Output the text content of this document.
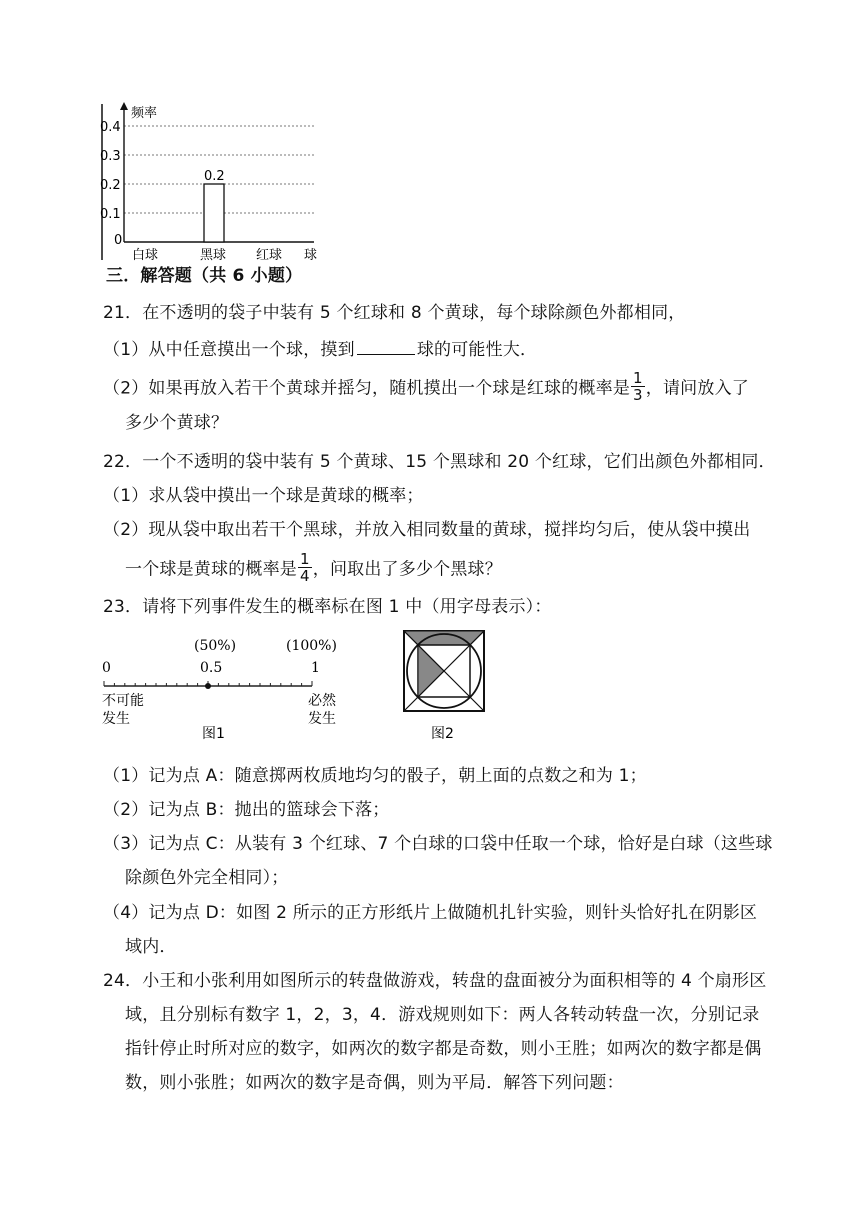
频率
0
0.1
0.2
0.3
0.4
白球
0.2
黑球 红球 球
三．解答题（共 6 小题）
21．在不透明的袋子中装有 5 个红球和 8 个黄球，每个球除颜色外都相同，
（1）从中任意摸出一个球，摸到	球的可能性大．
（2）如果再放入若干个黄球并摇匀，随机摸出一个球是红球的概率是 $\frac{1}{3}$ ，请问放入了
多少个黄球？
22．一个不透明的袋中装有 5 个黄球、15 个黑球和 20 个红球，它们出颜色外都相同．
（1）求从袋中摸出一个球是黄球的概率；
（2）现从袋中取出若干个黑球，并放入相同数量的黄球，搅拌均匀后，使从袋中摸出
一个球是黄球的概率是 $\frac{1}{4}$ ，问取出了多少个黑球？
23．请将下列事件发生的概率标在图 1 中（用字母表示）：
(50%)	(100%)
0	0.5	1
不可能
发生
必然
发生
图1	图2
（1）记为点 A：随意掷两枚质地均匀的骰子，朝上面的点数之和为 1；
（2）记为点 B：抛出的篮球会下落；
（3）记为点 C：从装有 3 个红球、7 个白球的口袋中任取一个球，恰好是白球（这些球
除颜色外完全相同）；
（4）记为点 D：如图 2 所示的正方形纸片上做随机扎针实验，则针头恰好扎在阴影区
域内．
24．小王和小张利用如图所示的转盘做游戏，转盘的盘面被分为面积相等的 4 个扇形区
域，且分别标有数字 1，2，3，4．游戏规则如下：两人各转动转盘一次，分别记录
指针停止时所对应的数字，如两次的数字都是奇数，则小王胜；如两次的数字都是偶
数，则小张胜；如两次的数字是奇偶，则为平局．解答下列问题：
